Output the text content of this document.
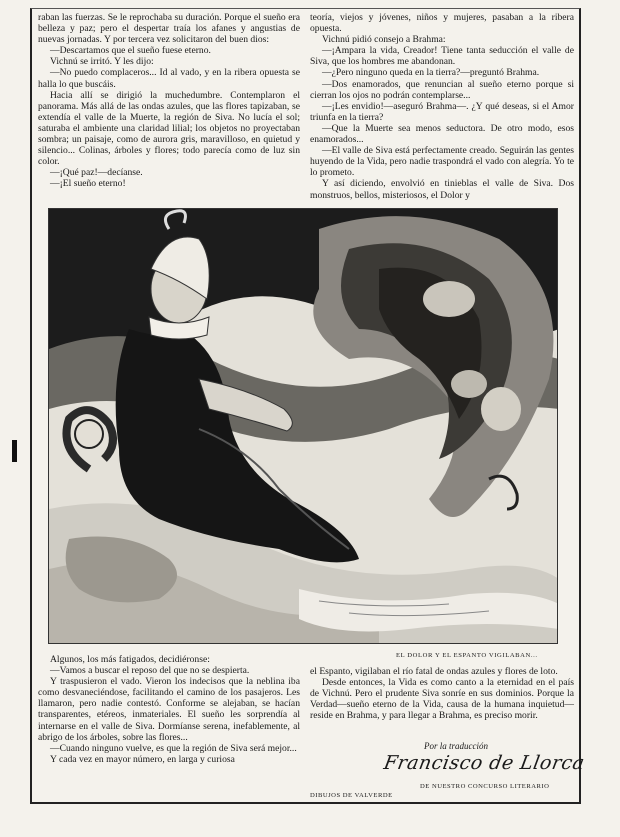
raban las fuerzas. Se le reprochaba su duración. Porque el sueño era belleza y paz; pero el despertar traía los afanes y angustias de nuevas jornadas. Y por tercera vez solicitaron del buen dios:

—Descartamos que el sueño fuese eterno.

Vichnú se irritó. Y les dijo:

—No puedo complaceros... Id al vado, y en la ribera opuesta se halla lo que buscáis.

Hacia allí se dirigió la muchedumbre. Contemplaron el panorama. Más allá de las ondas azules, que las flores tapizaban, se extendía el valle de la Muerte, la región de Siva. No lucía el sol; saturaba el ambiente una claridad lilial; los objetos no proyectaban sombra; un paisaje, como de aurora gris, maravilloso, en quietud y silencio... Colinas, árboles y flores; todo parecía como de luz sin color.

—¡Qué paz!—decíanse.

—¡El sueño eterno!

teoría, viejos y jóvenes, niños y mujeres, pasaban a la ribera opuesta.

Vichnú pidió consejo a Brahma:

—¡Ampara la vida, Creador! Tiene tanta seducción el valle de Siva, que los hombres me abandonan.

—¿Pero ninguno queda en la tierra?—preguntó Brahma.

—Dos enamorados, que renuncian al sueño eterno porque si cierran los ojos no podrán contemplarse...

—¡Les envidio!—aseguró Brahma—. ¿Y qué deseas, si el Amor triunfa en la tierra?

—Que la Muerte sea menos seductora. De otro modo, esos enamorados...

—El valle de Siva está perfectamente creado. Seguirán las gentes huyendo de la Vida, pero nadie traspondrá el vado con alegría. Yo te lo prometo.

Y así diciendo, envolvió en tinieblas el valle de Siva. Dos monstruos, bellos, misteriosos, el Dolor y

EL DOLOR Y EL ESPANTO VIGILABAN...

Algunos, los más fatigados, decidiéronse:

—Vamos a buscar el reposo del que no se despierta.

Y traspusieron el vado. Vieron los indecisos que la neblina iba como desvaneciéndose, facilitando el camino de los pasajeros. Les llamaron, pero nadie contestó. Conforme se alejaban, se hacían transparentes, etéreos, inmateriales. El sueño les sorprendía al internarse en el valle de Siva. Dormíanse serena, inefablemente, al abrigo de los árboles, sobre las flores...

—Cuando ninguno vuelve, es que la región de Siva será mejor...

Y cada vez en mayor número, en larga y curiosa

el Espanto, vigilaban el río fatal de ondas azules y flores de loto.

Desde entonces, la Vida es como canto a la eternidad en el país de Vichnú. Pero el prudente Siva sonríe en sus dominios. Porque la Verdad—sueño eterno de la Vida, causa de la humana inquietud—reside en Brahma, y para llegar a Brahma, es preciso morir.

Por la traducción
Francisco de Llorca
DE NUESTRO CONCURSO LITERARIO
DIBUJOS DE VALVERDE
